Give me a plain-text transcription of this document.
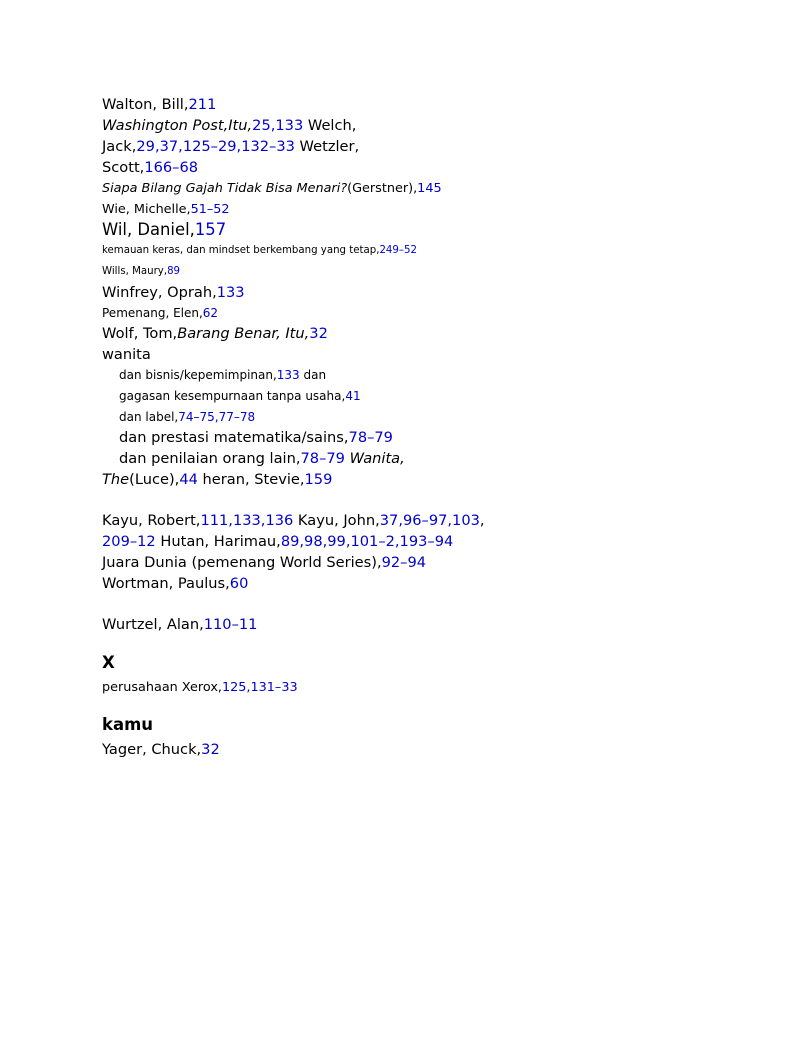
Walton, Bill,211
Washington Post,Itu,25,133 Welch,
Jack,29,37,125–29,132–33 Wetzler,
Scott,166–68
Siapa Bilang Gajah Tidak Bisa Menari?(Gerstner),145
Wie, Michelle,51–52
Wil, Daniel,157
kemauan keras, dan mindset berkembang yang tetap,249–52
Wills, Maury,89
Winfrey, Oprah,133
Pemenang, Elen,62
Wolf, Tom,Barang Benar, Itu,32
wanita
dan bisnis/kepemimpinan,133 dan
gagasan kesempurnaan tanpa usaha,41
dan label,74–75,77–78
dan prestasi matematika/sains,78–79
dan penilaian orang lain,78–79 Wanita,
The(Luce),44 heran, Stevie,159
Kayu, Robert,111,133,136 Kayu, John,37,96–97,103,
209–12 Hutan, Harimau,89,98,99,101–2,193–94
Juara Dunia (pemenang World Series),92–94
Wortman, Paulus,60
Wurtzel, Alan,110–11
X
perusahaan Xerox,125,131–33
kamu
Yager, Chuck,32
